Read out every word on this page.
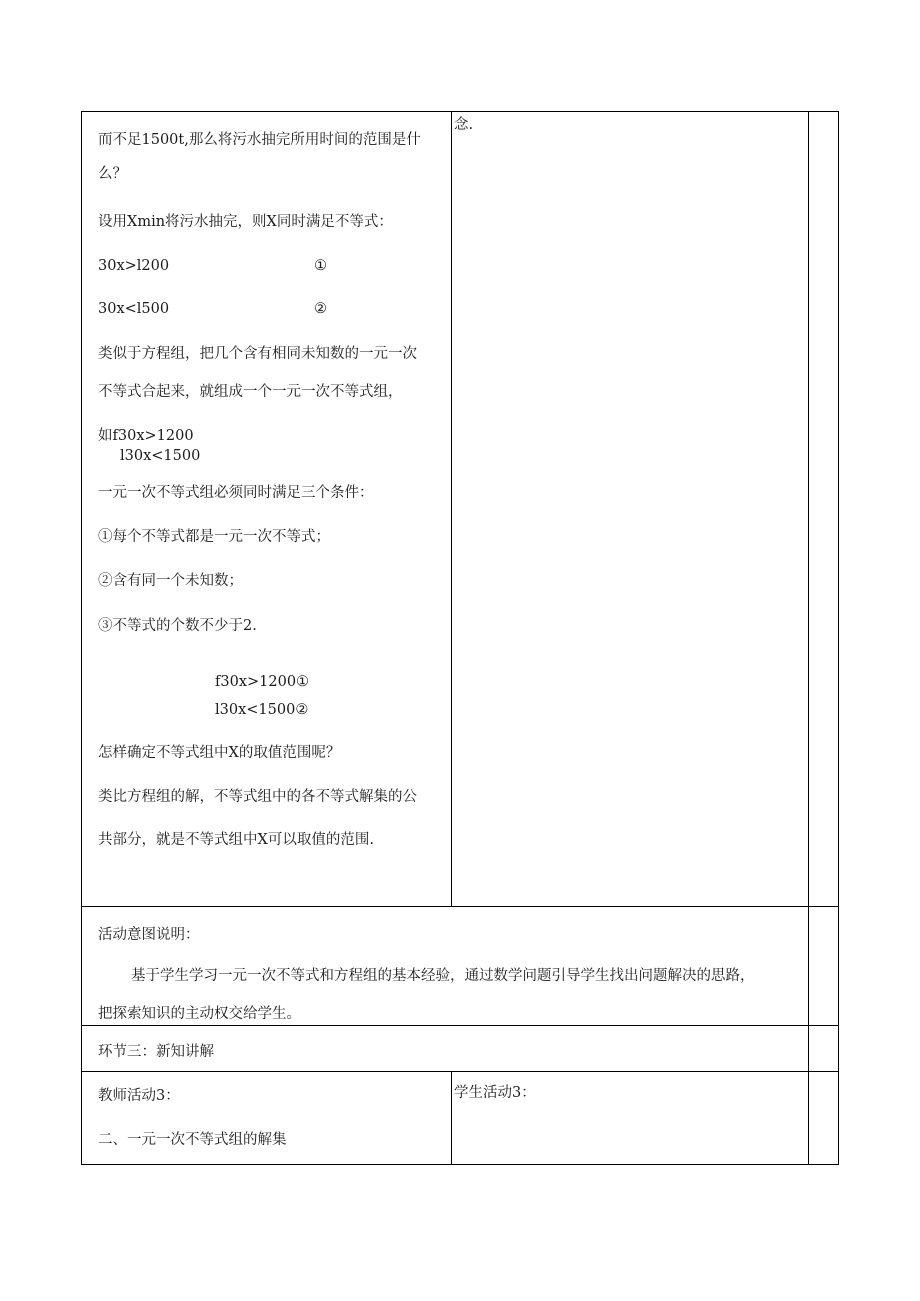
而不足1500t,那么将污水抽完所用时间的范围是什
么？
设用Xmin将污水抽完，则X同时满足不等式：
30x>l200	①
30x<l500	②
类似于方程组，把几个含有相同未知数的一元一次
不等式合起来，就组成一个一元一次不等式组，
如f30x>1200
l30x<1500
一元一次不等式组必须同时满足三个条件：
①每个不等式都是一元一次不等式；
②含有同一个未知数；
③不等式的个数不少于2.
f30x>1200①
l30x<1500②
怎样确定不等式组中X的取值范围呢？
类比方程组的解，不等式组中的各不等式解集的公
共部分，就是不等式组中X可以取值的范围.
念.
活动意图说明：
基于学生学习一元一次不等式和方程组的基本经验，通过数学问题引导学生找出问题解决的思路，
把探索知识的主动权交给学生。
环节三：新知讲解
教师活动3：
二、一元一次不等式组的解集
学生活动3：
